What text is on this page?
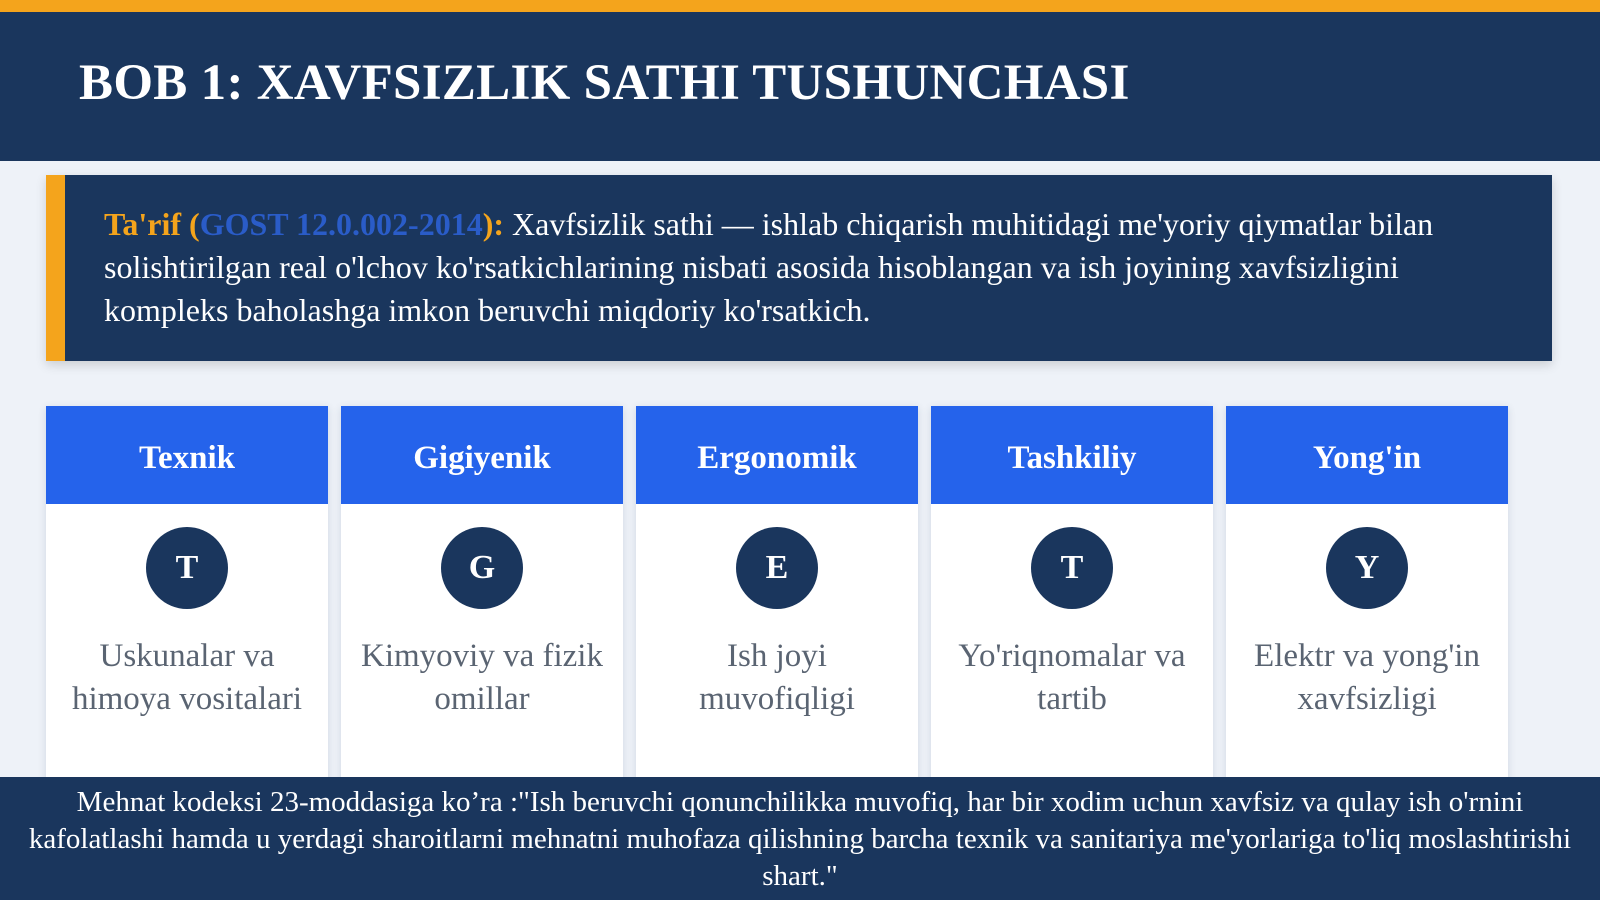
BOB 1: XAVFSIZLIK SATHI TUSHUNCHASI

Ta'rif (GOST 12.0.002-2014): Xavfsizlik sathi — ishlab chiqarish muhitidagi me'yoriy qiymatlar bilan solishtirilgan real o'lchov ko'rsatkichlarining nisbati asosida hisoblangan va ish joyining xavfsizligini kompleks baholashga imkon beruvchi miqdoriy ko'rsatkich.

Texnik
T
Uskunalar va himoya vositalari
Gigiyenik
G
Kimyoviy va fizik omillar
Ergonomik
E
Ish joyi muvofiqligi
Tashkiliy
T
Yo'riqnomalar va tartib
Yong'in
Y
Elektr va yong'in xavfsizligi

Mehnat kodeksi 23-moddasiga ko’ra :"Ish beruvchi qonunchilikka muvofiq, har bir xodim uchun xavfsiz va qulay ish o'rnini kafolatlashi hamda u yerdagi sharoitlarni mehnatni muhofaza qilishning barcha texnik va sanitariya me'yorlariga to'liq moslashtirishi shart."
